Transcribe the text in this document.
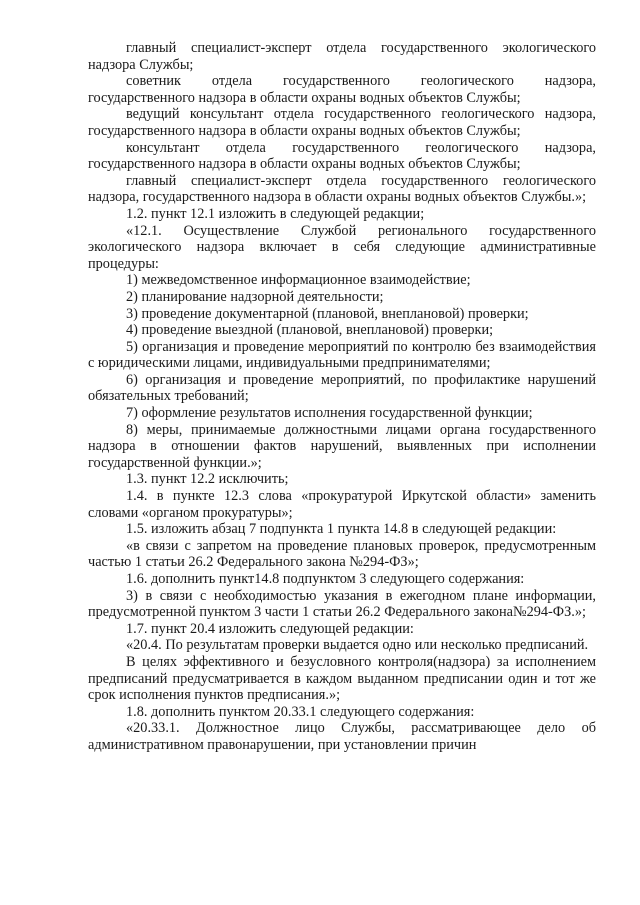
главный специалист-эксперт отдела государственного экологического надзора Службы;

советник отдела государственного геологического надзора, государственного надзора в области охраны водных объектов Службы;

ведущий консультант отдела государственного геологического надзора, государственного надзора в области охраны водных объектов Службы;

консультант отдела государственного геологического надзора, государственного надзора в области охраны водных объектов Службы;

главный специалист-эксперт отдела государственного геологического надзора, государственного надзора в области охраны водных объектов Службы.»;

1.2. пункт 12.1 изложить в следующей редакции;

«12.1. Осуществление Службой регионального государственного экологического надзора включает в себя следующие административные процедуры:

1) межведомственное информационное взаимодействие;

2) планирование надзорной деятельности;

3) проведение документарной (плановой, внеплановой) проверки;

4) проведение выездной (плановой, внеплановой) проверки;

5) организация и проведение мероприятий по контролю без взаимодействия с юридическими лицами, индивидуальными предпринимателями;

6) организация и проведение мероприятий, по профилактике нарушений обязательных требований;

7) оформление результатов исполнения государственной функции;

8) меры, принимаемые должностными лицами органа государственного надзора в отношении фактов нарушений, выявленных при исполнении государственной функции.»;

1.3. пункт 12.2 исключить;

1.4. в пункте 12.3 слова «прокуратурой Иркутской области» заменить словами «органом прокуратуры»;

1.5. изложить абзац 7 подпункта 1 пункта 14.8 в следующей редакции:

«в связи с запретом на проведение плановых проверок, предусмотренным частью 1 статьи 26.2 Федерального закона №294-ФЗ»;

1.6. дополнить пункт14.8 подпунктом 3 следующего содержания:

3) в связи с необходимостью указания в ежегодном плане информации, предусмотренной пунктом 3 части 1 статьи 26.2 Федерального закона№294-ФЗ.»;

1.7. пункт 20.4 изложить следующей редакции:

«20.4. По результатам проверки выдается одно или несколько предписаний.

В целях эффективного и безусловного контроля(надзора) за исполнением предписаний предусматривается в каждом выданном предписании один и тот же срок исполнения пунктов предписания.»;

1.8. дополнить пунктом 20.33.1 следующего содержания:

«20.33.1. Должностное лицо Службы, рассматривающее дело об административном правонарушении, при установлении причин
